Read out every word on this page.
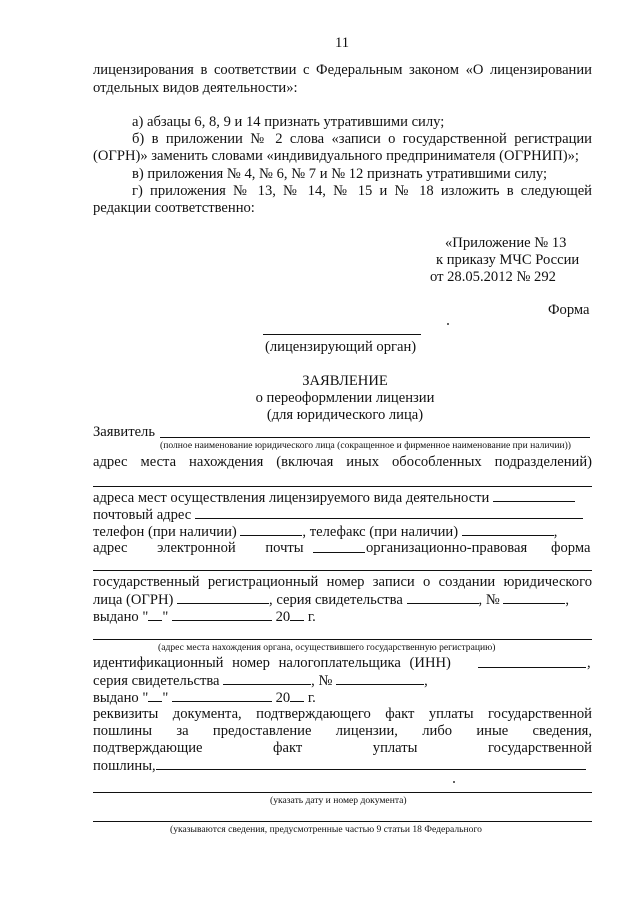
11
лицензирования в соответствии с Федеральным законом «О лицензировании
отдельных видов деятельности»:
а) абзацы 6, 8, 9 и 14 признать утратившими силу;
б) в приложении № 2 слова «записи о государственной регистрации
(ОГРН)» заменить словами «индивидуального предпринимателя (ОГРНИП)»;
в) приложения № 4, № 6, № 7 и № 12 признать утратившими силу;
г) приложения № 13, № 14, № 15 и № 18 изложить в следующей
редакции соответственно:
«Приложение № 13
к приказу МЧС России
от 28.05.2012 № 292
Форма
(лицензирующий орган)
ЗАЯВЛЕНИЕ
о переоформлении лицензии
(для юридического лица)
Заявитель
(полное наименование юридического лица (сокращенное и фирменное наименование при наличии))
адрес места нахождения (включая иных обособленных подразделений)
адреса мест осуществления лицензируемого вида деятельности
почтовый адрес
телефон (при наличии)	, телефакс (при наличии)	,
адрес электронной почты	организационно-правовая форма
государственный регистрационный номер записи о создании юридического
лица (ОГРН)	, серия свидетельства	, №	,
выдано " "	20 г.
(адрес места нахождения органа, осуществившего государственную регистрацию)
идентификационный номер налогоплательщика (ИНН)	,
серия свидетельства	, №	,
выдано " "	20 г.
реквизиты документа, подтверждающего факт уплаты государственной
пошлины за предоставление лицензии, либо иные сведения,
подтверждающие факт уплаты государственной
пошлины,
(указать дату и номер документа)
(указываются сведения, предусмотренные частью 9 статьи 18 Федерального
